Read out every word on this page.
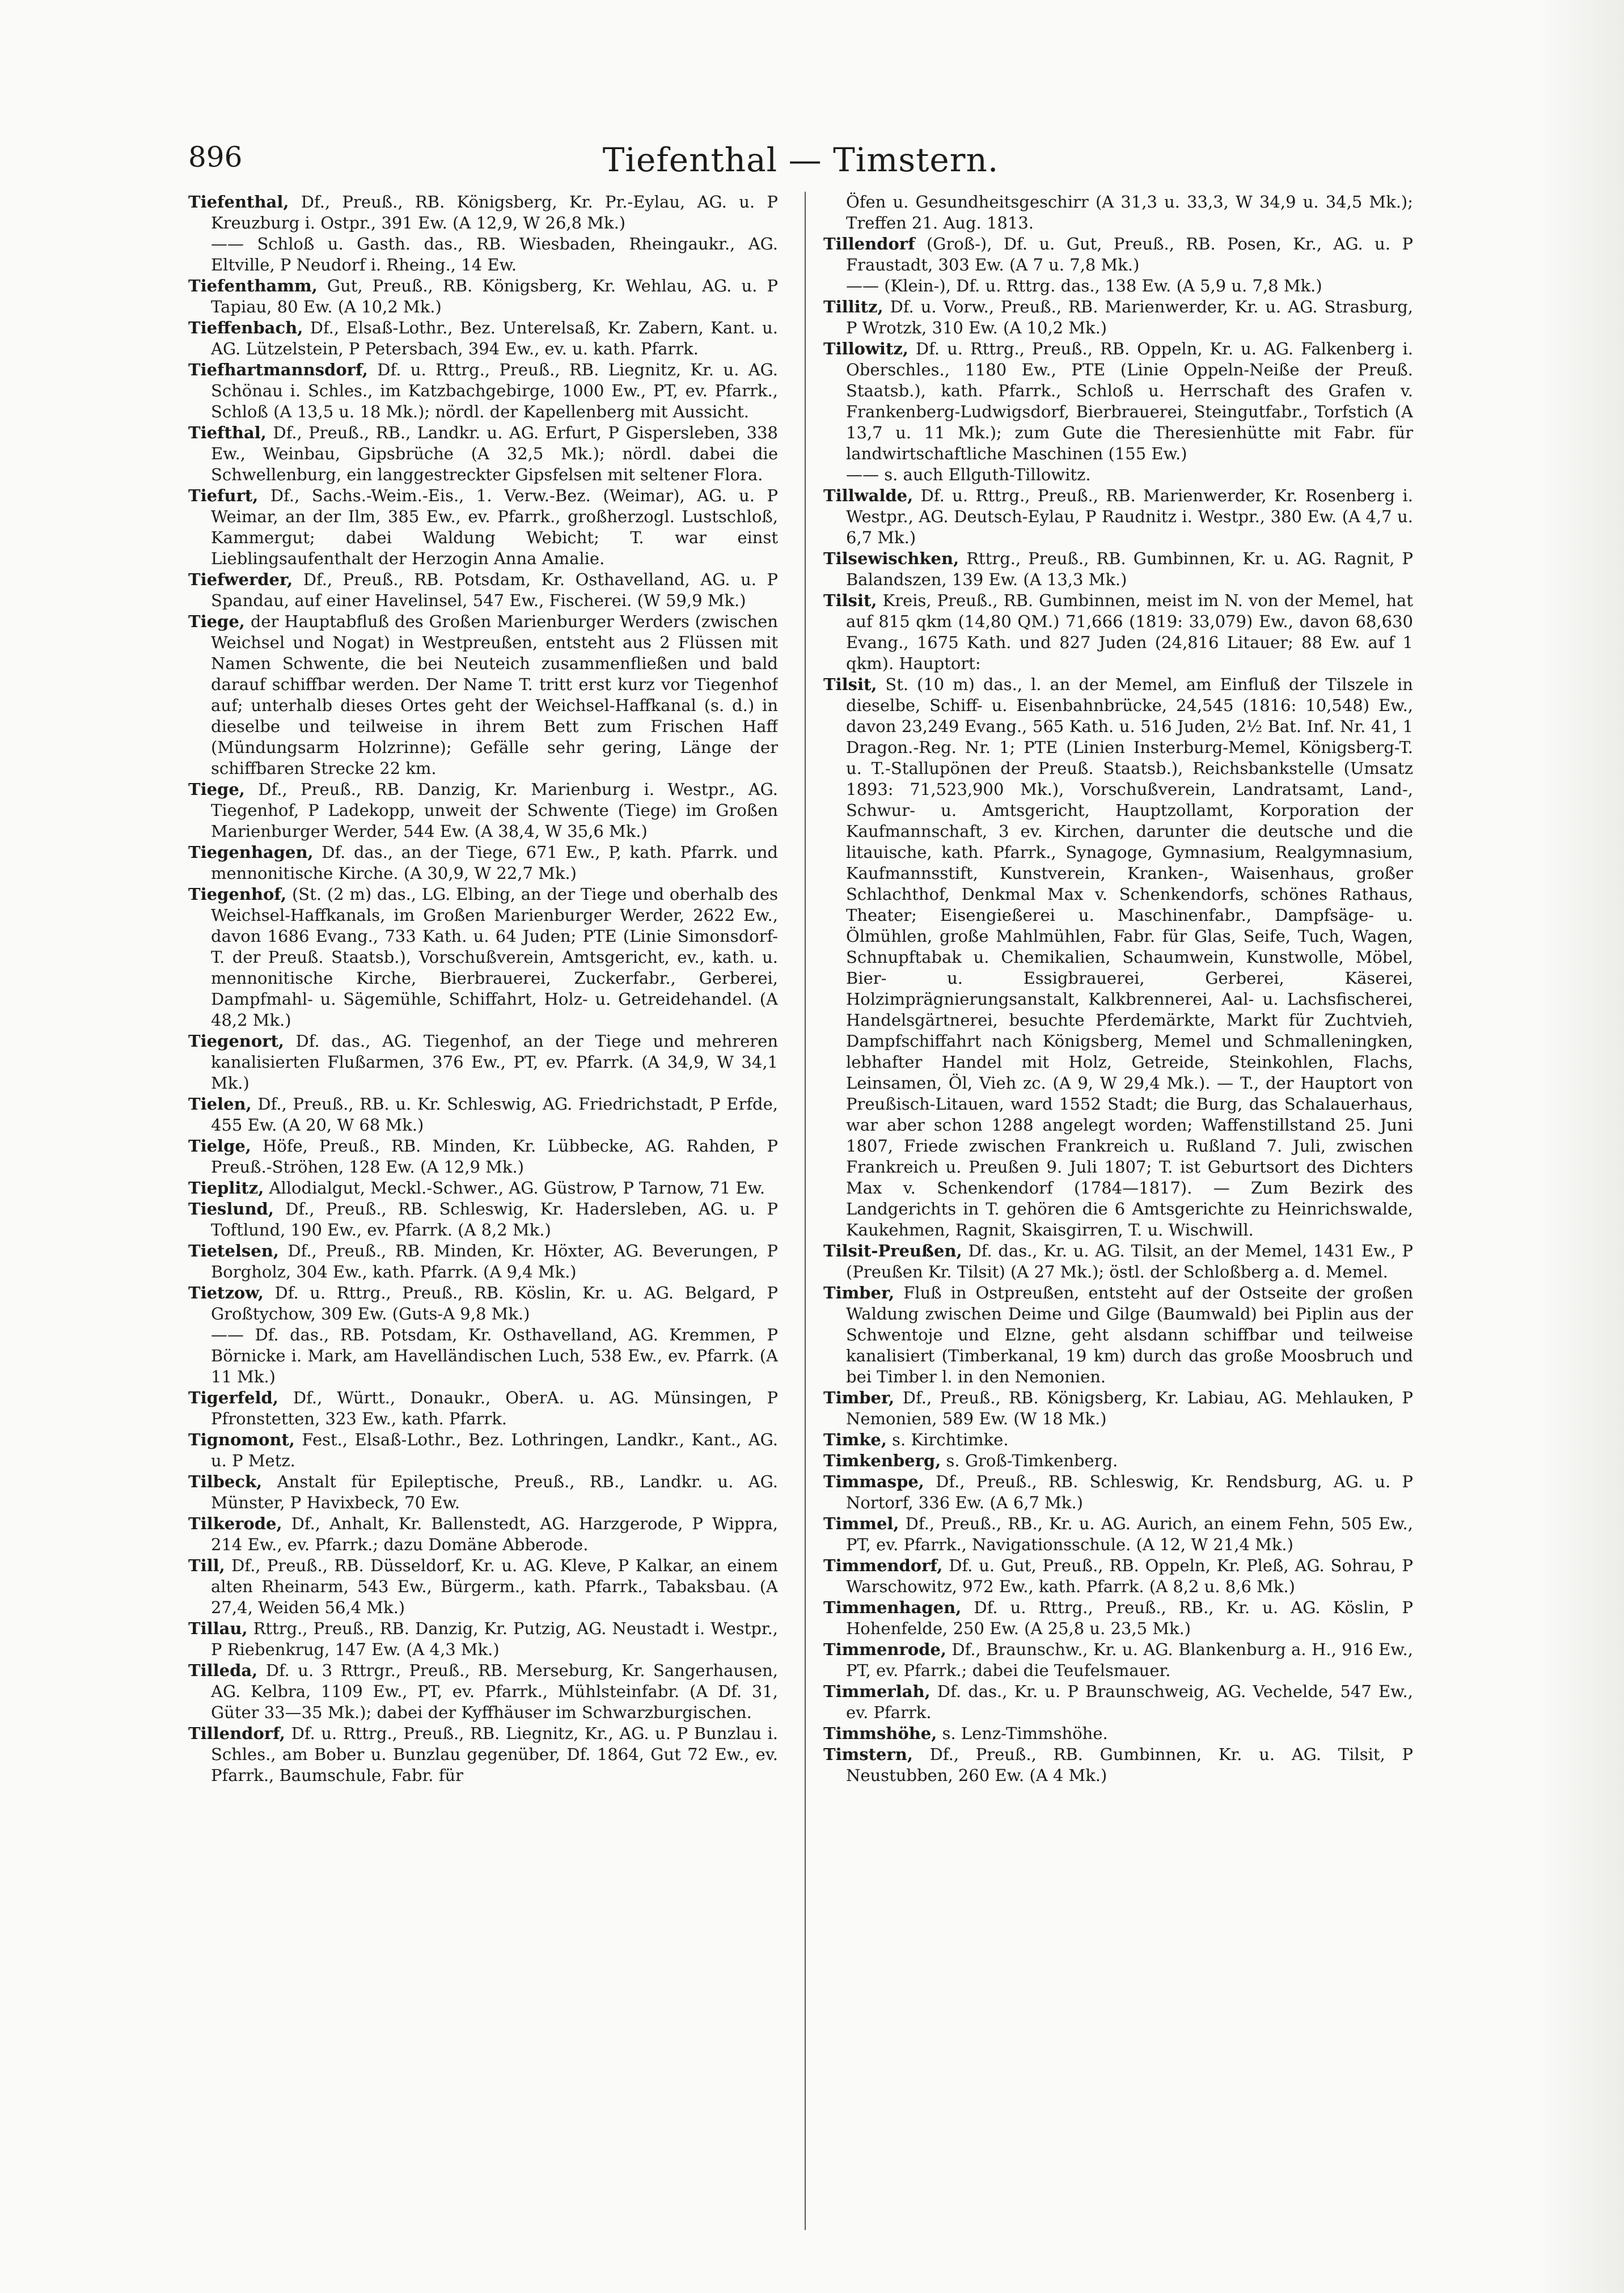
896	Tiefenthal — Timstern.

Tiefenthal, Df., Preuß., RB. Königsberg, Kr. Pr.-Eylau, AG. u. P Kreuzburg i. Ostpr., 391 Ew. (A 12,9, W 26,8 Mk.)

—— Schloß u. Gasth. das., RB. Wiesbaden, Rheingaukr., AG. Eltville, P Neudorf i. Rheing., 14 Ew.

Tiefenthamm, Gut, Preuß., RB. Königsberg, Kr. Wehlau, AG. u. P Tapiau, 80 Ew. (A 10,2 Mk.)

Tieffenbach, Df., Elsaß-Lothr., Bez. Unterelsaß, Kr. Zabern, Kant. u. AG. Lützelstein, P Petersbach, 394 Ew., ev. u. kath. Pfarrk.

Tiefhartmannsdorf, Df. u. Rttrg., Preuß., RB. Liegnitz, Kr. u. AG. Schönau i. Schles., im Katzbachgebirge, 1000 Ew., PT, ev. Pfarrk., Schloß (A 13,5 u. 18 Mk.); nördl. der Kapellenberg mit Aussicht.

Tiefthal, Df., Preuß., RB., Landkr. u. AG. Erfurt, P Gispersleben, 338 Ew., Weinbau, Gipsbrüche (A 32,5 Mk.); nördl. dabei die Schwellenburg, ein langgestreckter Gipsfelsen mit seltener Flora.

Tiefurt, Df., Sachs.-Weim.-Eis., 1. Verw.-Bez. (Weimar), AG. u. P Weimar, an der Ilm, 385 Ew., ev. Pfarrk., großherzogl. Lustschloß, Kammergut; dabei Waldung Webicht; T. war einst Lieblingsaufenthalt der Herzogin Anna Amalie.

Tiefwerder, Df., Preuß., RB. Potsdam, Kr. Osthavelland, AG. u. P Spandau, auf einer Havelinsel, 547 Ew., Fischerei. (W 59,9 Mk.)

Tiege, der Hauptabfluß des Großen Marienburger Werders (zwischen Weichsel und Nogat) in Westpreußen, entsteht aus 2 Flüssen mit Namen Schwente, die bei Neuteich zusammenfließen und bald darauf schiffbar werden. Der Name T. tritt erst kurz vor Tiegenhof auf; unterhalb dieses Ortes geht der Weichsel-Haffkanal (s. d.) in dieselbe und teilweise in ihrem Bett zum Frischen Haff (Mündungsarm Holzrinne); Gefälle sehr gering, Länge der schiffbaren Strecke 22 km.

Tiege, Df., Preuß., RB. Danzig, Kr. Marienburg i. Westpr., AG. Tiegenhof, P Ladekopp, unweit der Schwente (Tiege) im Großen Marienburger Werder, 544 Ew. (A 38,4, W 35,6 Mk.)

Tiegenhagen, Df. das., an der Tiege, 671 Ew., P, kath. Pfarrk. und mennonitische Kirche. (A 30,9, W 22,7 Mk.)

Tiegenhof, (St. (2 m) das., LG. Elbing, an der Tiege und oberhalb des Weichsel-Haffkanals, im Großen Marienburger Werder, 2622 Ew., davon 1686 Evang., 733 Kath. u. 64 Juden; PTE (Linie Simonsdorf-T. der Preuß. Staatsb.), Vorschußverein, Amtsgericht, ev., kath. u. mennonitische Kirche, Bierbrauerei, Zuckerfabr., Gerberei, Dampfmahl- u. Sägemühle, Schiffahrt, Holz- u. Getreidehandel. (A 48,2 Mk.)

Tiegenort, Df. das., AG. Tiegenhof, an der Tiege und mehreren kanalisierten Flußarmen, 376 Ew., PT, ev. Pfarrk. (A 34,9, W 34,1 Mk.)

Tielen, Df., Preuß., RB. u. Kr. Schleswig, AG. Friedrichstadt, P Erfde, 455 Ew. (A 20, W 68 Mk.)

Tielge, Höfe, Preuß., RB. Minden, Kr. Lübbecke, AG. Rahden, P Preuß.-Ströhen, 128 Ew. (A 12,9 Mk.)

Tieplitz, Allodialgut, Meckl.-Schwer., AG. Güstrow, P Tarnow, 71 Ew.

Tieslund, Df., Preuß., RB. Schleswig, Kr. Hadersleben, AG. u. P Toftlund, 190 Ew., ev. Pfarrk. (A 8,2 Mk.)

Tietelsen, Df., Preuß., RB. Minden, Kr. Höxter, AG. Beverungen, P Borgholz, 304 Ew., kath. Pfarrk. (A 9,4 Mk.)

Tietzow, Df. u. Rttrg., Preuß., RB. Köslin, Kr. u. AG. Belgard, P Großtychow, 309 Ew. (Guts-A 9,8 Mk.)

—— Df. das., RB. Potsdam, Kr. Osthavelland, AG. Kremmen, P Börnicke i. Mark, am Havelländischen Luch, 538 Ew., ev. Pfarrk. (A 11 Mk.)

Tigerfeld, Df., Württ., Donaukr., OberA. u. AG. Münsingen, P Pfronstetten, 323 Ew., kath. Pfarrk.

Tignomont, Fest., Elsaß-Lothr., Bez. Lothringen, Landkr., Kant., AG. u. P Metz.

Tilbeck, Anstalt für Epileptische, Preuß., RB., Landkr. u. AG. Münster, P Havixbeck, 70 Ew.

Tilkerode, Df., Anhalt, Kr. Ballenstedt, AG. Harzgerode, P Wippra, 214 Ew., ev. Pfarrk.; dazu Domäne Abberode.

Till, Df., Preuß., RB. Düsseldorf, Kr. u. AG. Kleve, P Kalkar, an einem alten Rheinarm, 543 Ew., Bürgerm., kath. Pfarrk., Tabaksbau. (A 27,4, Weiden 56,4 Mk.)

Tillau, Rttrg., Preuß., RB. Danzig, Kr. Putzig, AG. Neustadt i. Westpr., P Riebenkrug, 147 Ew. (A 4,3 Mk.)

Tilleda, Df. u. 3 Rttrgr., Preuß., RB. Merseburg, Kr. Sangerhausen, AG. Kelbra, 1109 Ew., PT, ev. Pfarrk., Mühlsteinfabr. (A Df. 31, Güter 33—35 Mk.); dabei der Kyffhäuser im Schwarzburgischen.

Tillendorf, Df. u. Rttrg., Preuß., RB. Liegnitz, Kr., AG. u. P Bunzlau i. Schles., am Bober u. Bunzlau gegenüber, Df. 1864, Gut 72 Ew., ev. Pfarrk., Baumschule, Fabr. für

Öfen u. Gesundheitsgeschirr (A 31,3 u. 33,3, W 34,9 u. 34,5 Mk.); Treffen 21. Aug. 1813.

Tillendorf (Groß-), Df. u. Gut, Preuß., RB. Posen, Kr., AG. u. P Fraustadt, 303 Ew. (A 7 u. 7,8 Mk.)

—— (Klein-), Df. u. Rttrg. das., 138 Ew. (A 5,9 u. 7,8 Mk.)

Tillitz, Df. u. Vorw., Preuß., RB. Marienwerder, Kr. u. AG. Strasburg, P Wrotzk, 310 Ew. (A 10,2 Mk.)

Tillowitz, Df. u. Rttrg., Preuß., RB. Oppeln, Kr. u. AG. Falkenberg i. Oberschles., 1180 Ew., PTE (Linie Oppeln-Neiße der Preuß. Staatsb.), kath. Pfarrk., Schloß u. Herrschaft des Grafen v. Frankenberg-Ludwigsdorf, Bierbrauerei, Steingutfabr., Torfstich (A 13,7 u. 11 Mk.); zum Gute die Theresienhütte mit Fabr. für landwirtschaftliche Maschinen (155 Ew.)

—— s. auch Ellguth-Tillowitz.

Tillwalde, Df. u. Rttrg., Preuß., RB. Marienwerder, Kr. Rosenberg i. Westpr., AG. Deutsch-Eylau, P Raudnitz i. Westpr., 380 Ew. (A 4,7 u. 6,7 Mk.)

Tilsewischken, Rttrg., Preuß., RB. Gumbinnen, Kr. u. AG. Ragnit, P Balandszen, 139 Ew. (A 13,3 Mk.)

Tilsit, Kreis, Preuß., RB. Gumbinnen, meist im N. von der Memel, hat auf 815 qkm (14,80 QM.) 71,666 (1819: 33,079) Ew., davon 68,630 Evang., 1675 Kath. und 827 Juden (24,816 Litauer; 88 Ew. auf 1 qkm). Hauptort:

Tilsit, St. (10 m) das., l. an der Memel, am Einfluß der Tilszele in dieselbe, Schiff- u. Eisenbahnbrücke, 24,545 (1816: 10,548) Ew., davon 23,249 Evang., 565 Kath. u. 516 Juden, 2½ Bat. Inf. Nr. 41, 1 Dragon.-Reg. Nr. 1; PTE (Linien Insterburg-Memel, Königsberg-T. u. T.-Stallupönen der Preuß. Staatsb.), Reichsbankstelle (Umsatz 1893: 71,523,900 Mk.), Vorschußverein, Landratsamt, Land-, Schwur- u. Amtsgericht, Hauptzollamt, Korporation der Kaufmannschaft, 3 ev. Kirchen, darunter die deutsche und die litauische, kath. Pfarrk., Synagoge, Gymnasium, Realgymnasium, Kaufmannsstift, Kunstverein, Kranken-, Waisenhaus, großer Schlachthof, Denkmal Max v. Schenkendorfs, schönes Rathaus, Theater; Eisengießerei u. Maschinenfabr., Dampfsäge- u. Ölmühlen, große Mahlmühlen, Fabr. für Glas, Seife, Tuch, Wagen, Schnupftabak u. Chemikalien, Schaumwein, Kunstwolle, Möbel, Bier- u. Essigbrauerei, Gerberei, Käserei, Holzimprägnierungsanstalt, Kalkbrennerei, Aal- u. Lachsfischerei, Handelsgärtnerei, besuchte Pferdemärkte, Markt für Zuchtvieh, Dampfschiffahrt nach Königsberg, Memel und Schmalleningken, lebhafter Handel mit Holz, Getreide, Steinkohlen, Flachs, Leinsamen, Öl, Vieh zc. (A 9, W 29,4 Mk.). — T., der Hauptort von Preußisch-Litauen, ward 1552 Stadt; die Burg, das Schalauerhaus, war aber schon 1288 angelegt worden; Waffenstillstand 25. Juni 1807, Friede zwischen Frankreich u. Rußland 7. Juli, zwischen Frankreich u. Preußen 9. Juli 1807; T. ist Geburtsort des Dichters Max v. Schenkendorf (1784—1817). — Zum Bezirk des Landgerichts in T. gehören die 6 Amtsgerichte zu Heinrichswalde, Kaukehmen, Ragnit, Skaisgirren, T. u. Wischwill.

Tilsit-Preußen, Df. das., Kr. u. AG. Tilsit, an der Memel, 1431 Ew., P (Preußen Kr. Tilsit) (A 27 Mk.); östl. der Schloßberg a. d. Memel.

Timber, Fluß in Ostpreußen, entsteht auf der Ostseite der großen Waldung zwischen Deime und Gilge (Baumwald) bei Piplin aus der Schwentoje und Elzne, geht alsdann schiffbar und teilweise kanalisiert (Timberkanal, 19 km) durch das große Moosbruch und bei Timber l. in den Nemonien.

Timber, Df., Preuß., RB. Königsberg, Kr. Labiau, AG. Mehlauken, P Nemonien, 589 Ew. (W 18 Mk.)

Timke, s. Kirchtimke.

Timkenberg, s. Groß-Timkenberg.

Timmaspe, Df., Preuß., RB. Schleswig, Kr. Rendsburg, AG. u. P Nortorf, 336 Ew. (A 6,7 Mk.)

Timmel, Df., Preuß., RB., Kr. u. AG. Aurich, an einem Fehn, 505 Ew., PT, ev. Pfarrk., Navigationsschule. (A 12, W 21,4 Mk.)

Timmendorf, Df. u. Gut, Preuß., RB. Oppeln, Kr. Pleß, AG. Sohrau, P Warschowitz, 972 Ew., kath. Pfarrk. (A 8,2 u. 8,6 Mk.)

Timmenhagen, Df. u. Rttrg., Preuß., RB., Kr. u. AG. Köslin, P Hohenfelde, 250 Ew. (A 25,8 u. 23,5 Mk.)

Timmenrode, Df., Braunschw., Kr. u. AG. Blankenburg a. H., 916 Ew., PT, ev. Pfarrk.; dabei die Teufelsmauer.

Timmerlah, Df. das., Kr. u. P Braunschweig, AG. Vechelde, 547 Ew., ev. Pfarrk.

Timmshöhe, s. Lenz-Timmshöhe.

Timstern, Df., Preuß., RB. Gumbinnen, Kr. u. AG. Tilsit, P Neustubben, 260 Ew. (A 4 Mk.)
